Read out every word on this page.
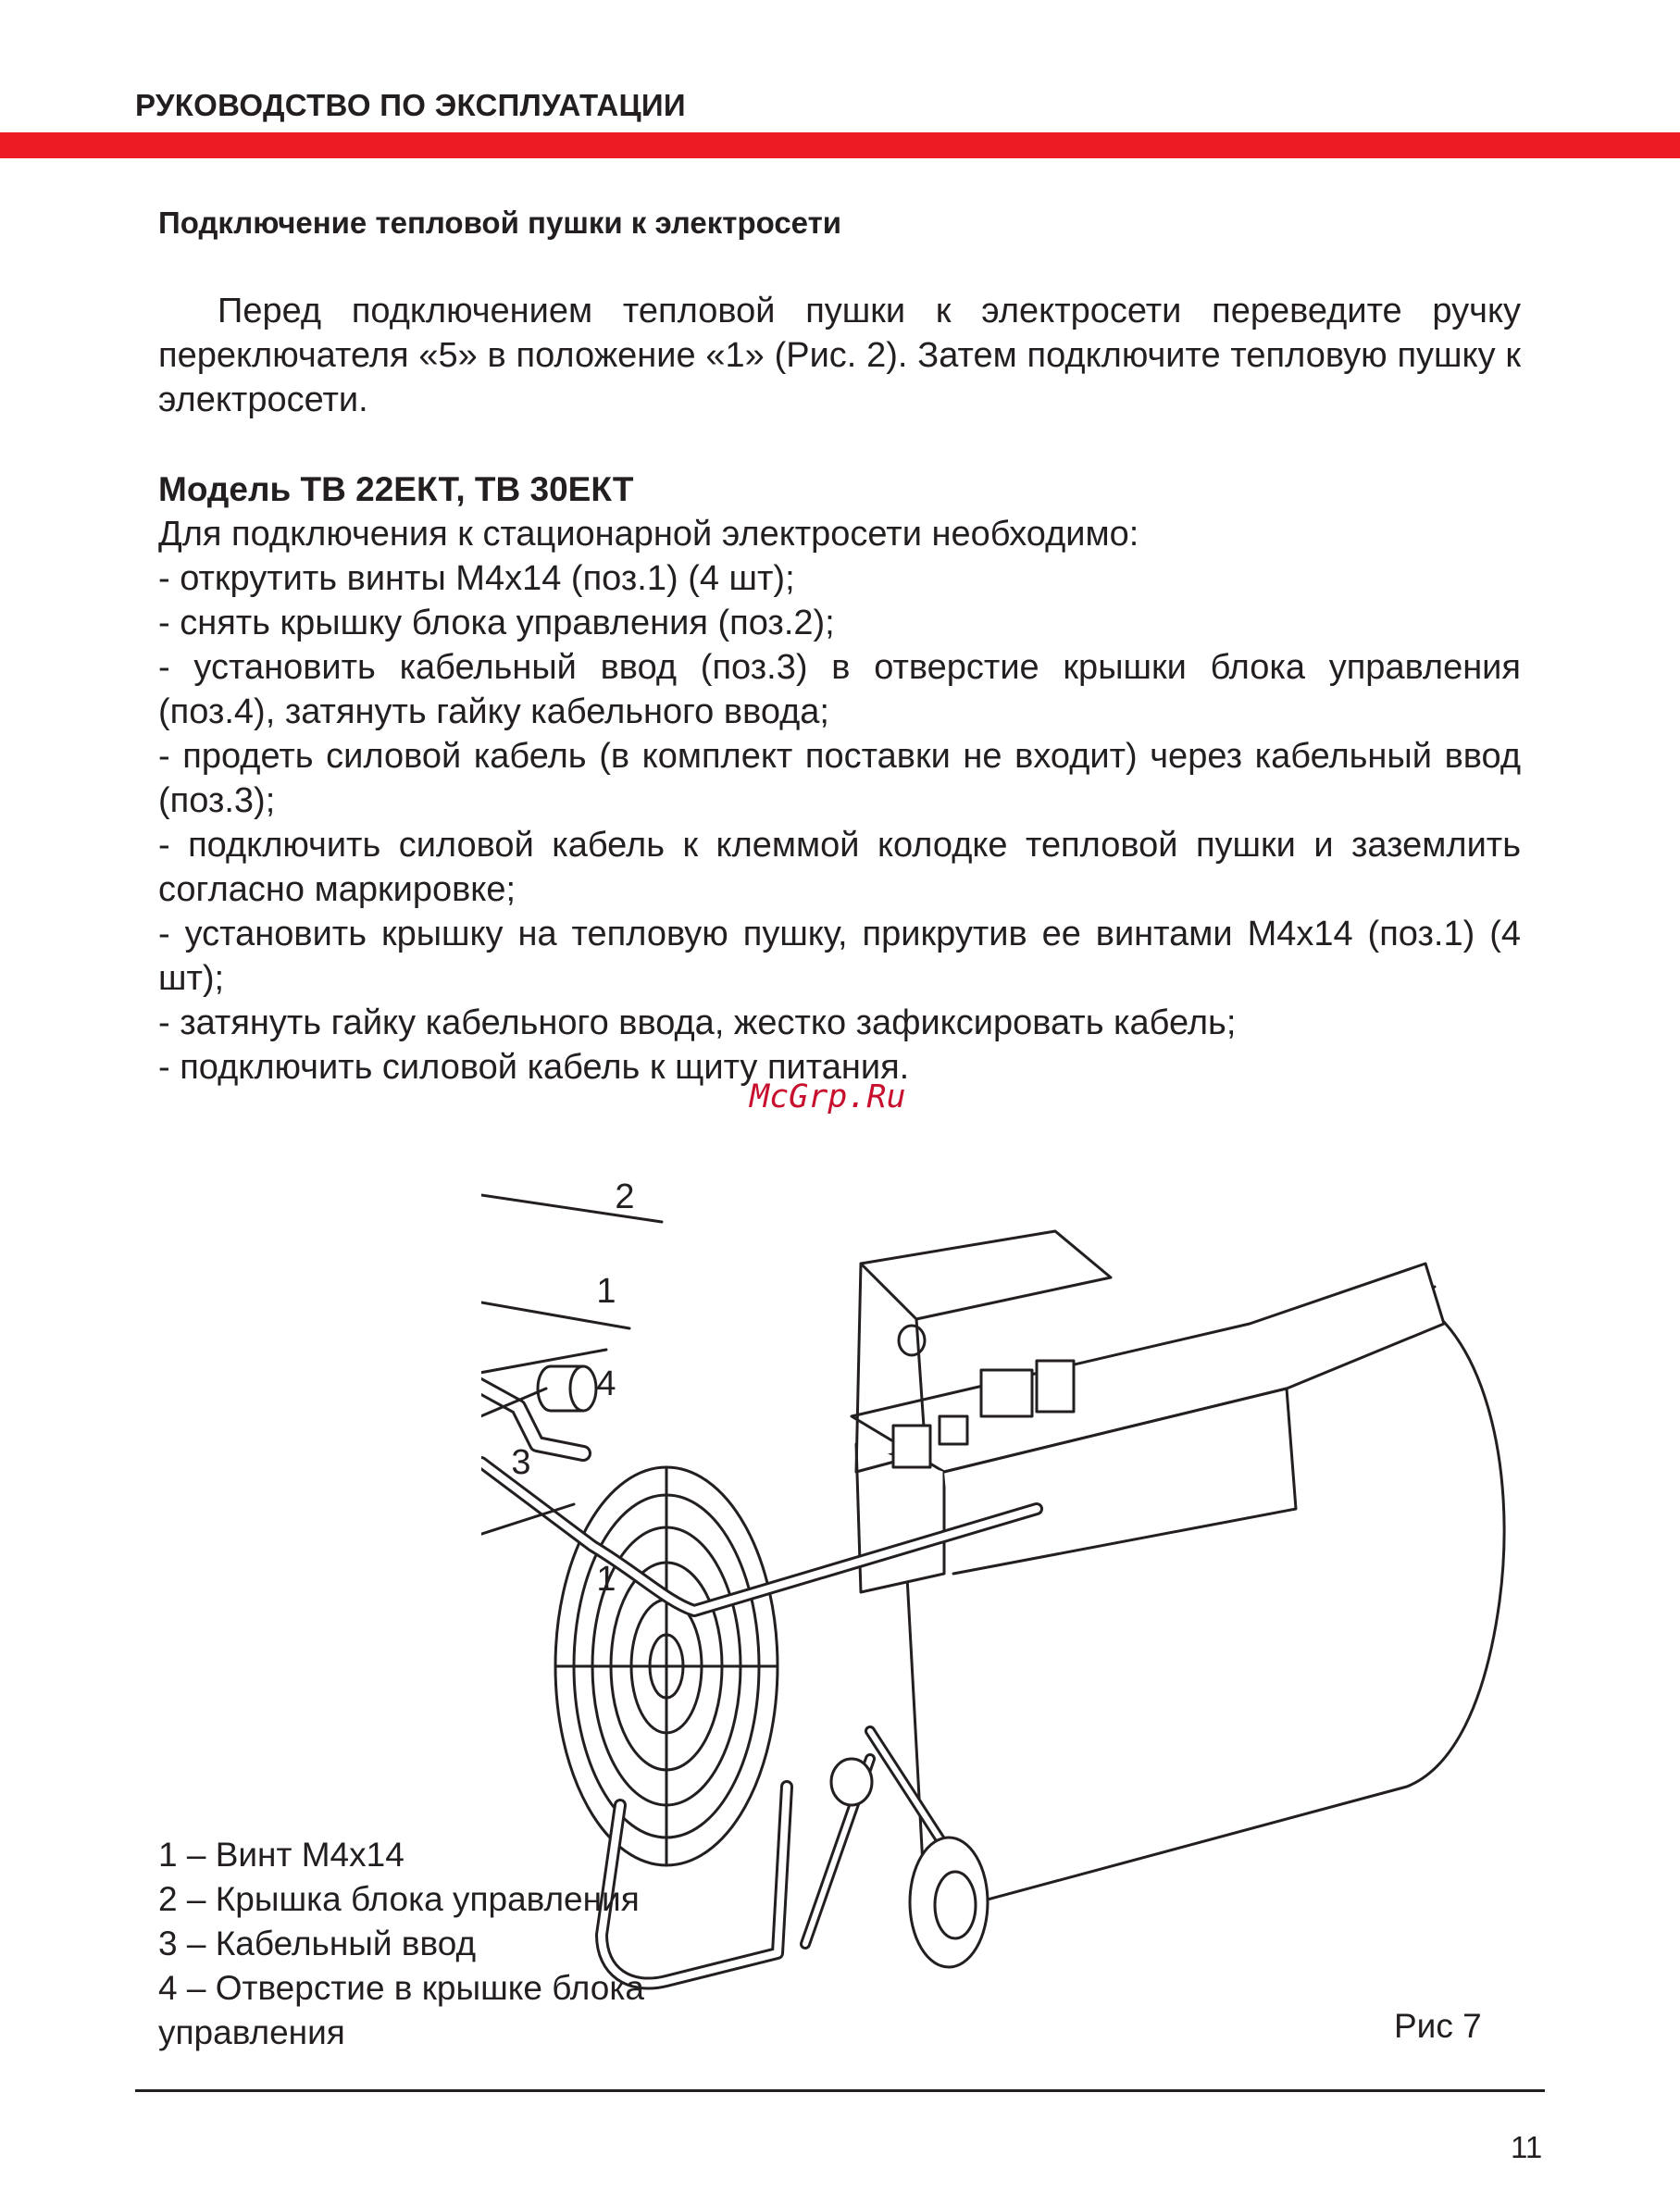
РУКОВОДСТВО ПО ЭКСПЛУАТАЦИИ
Подключение тепловой пушки к электросети
Перед подключением тепловой пушки к электросети переведите ручку переключателя «5» в положение «1» (Рис. 2). Затем подключите тепловую пушку к электросети.

Модель ТВ 22ЕКТ, ТВ 30ЕКТ

Для подключения к стационарной электросети необходимо:

- открутить винты М4х14 (поз.1) (4 шт);

- снять крышку блока управления (поз.2);

- установить кабельный ввод (поз.3) в отверстие крышки блока управления (поз.4), затянуть гайку кабельного ввода;

- продеть силовой кабель (в комплект поставки не входит) через кабельный ввод (поз.3);

- подключить силовой кабель к клеммой колодке тепловой пушки и заземлить согласно маркировке;

- установить крышку на тепловую пушку, прикрутив ее винтами М4х14 (поз.1) (4 шт);

- затянуть гайку кабельного ввода, жестко зафиксировать кабель;

- подключить силовой кабель к щиту питания.

McGrp.Ru
2
1
4
3
1
1 – Винт М4х14
2 – Крышка блока управления
3 – Кабельный ввод
4 – Отверстие в крышке блока
управления	Рис 7
11
